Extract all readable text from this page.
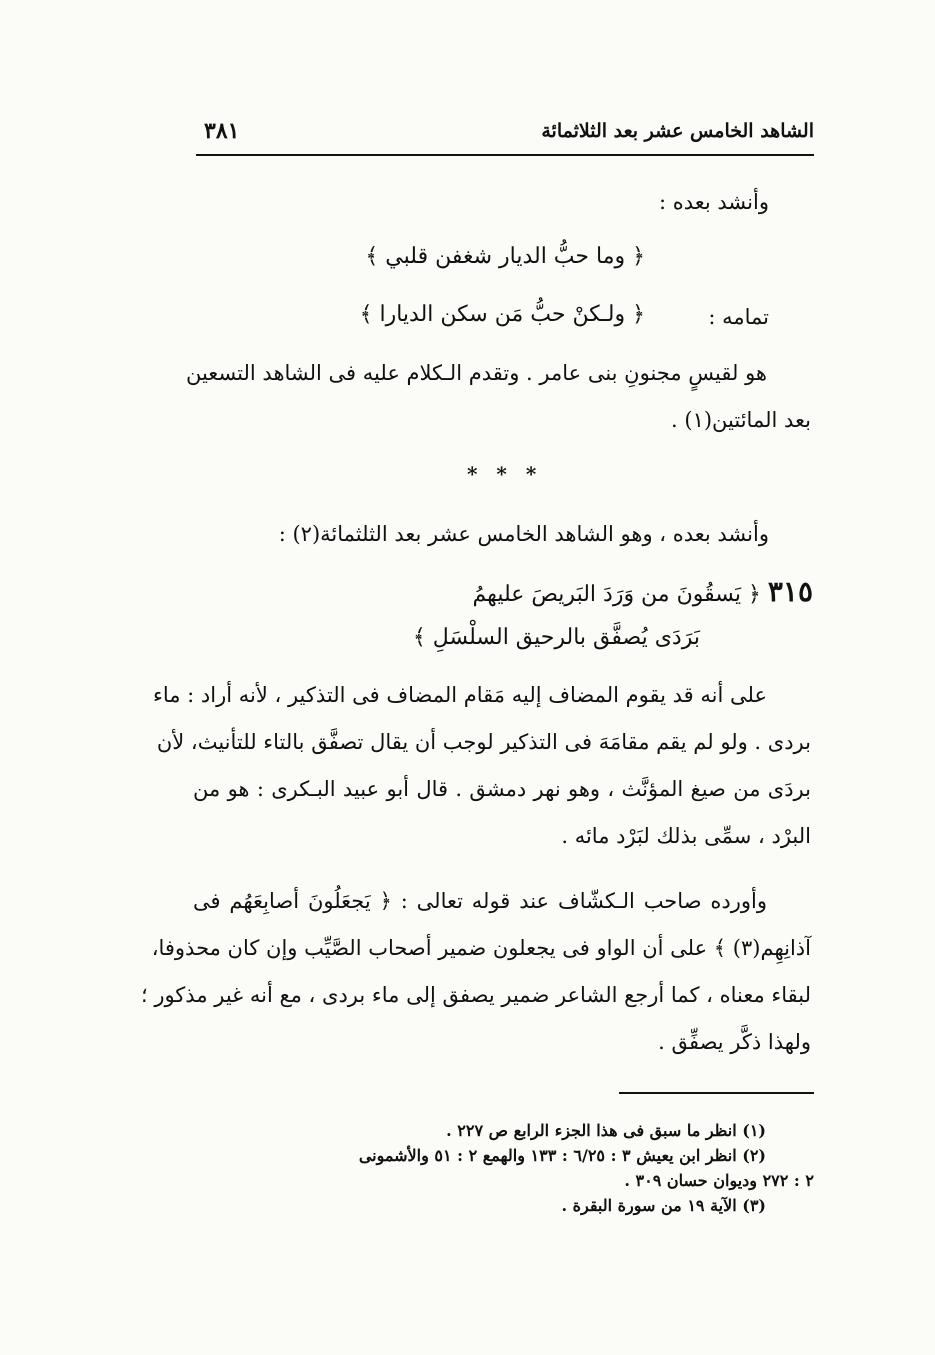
الشاهد الخامس عشر بعد الثلاثمائة
٣٨١
وأنشد بعده :
﴿ وما حبُّ الديار شغفن قلبي ﴾
تمامه :
﴿ ولـكنْ حبُّ مَن سكن الديارا ﴾
هو لقيسٍ مجنونِ بنى عامر . وتقدم الـكلام عليه فى الشاهد التسعين
بعد المائتين(١) .
* * *
وأنشد بعده ، وهو الشاهد الخامس عشر بعد الثلثمائة(٢) :
٣١٥ ﴿ يَسقُونَ من وَرَدَ البَريصَ عليهمُ
بَرَدَى يُصفَّق بالرحيق السلْسَلِ ﴾
على أنه قد يقوم المضاف إليه مَقام المضاف فى التذكير ، لأنه أراد : ماء
بردى . ولو لم يقم مقامَهَ فى التذكير لوجب أن يقال تصفَّق بالتاء للتأنيث، لأن
بردَى من صيغ المؤنَّث ، وهو نهر دمشق . قال أبو عبيد البـكرى : هو من
البرْد ، سمِّى بذلك لبَرْد مائه .
وأورده صاحب الـكشّاف عند قوله تعالى : ﴿ يَجعَلُونَ أصابِعَهُم فى
آذانِهِم(٣) ﴾ على أن الواو فى يجعلون ضمير أصحاب الصَّيِّب وإن كان محذوفا،
لبقاء معناه ، كما أرجع الشاعر ضمير يصفق إلى ماء بردى ، مع أنه غير مذكور ؛
ولهذا ذكَّر يصفِّق .
(١) انظر ما سبق فى هذا الجزء الرابع ص ٢٢٧ .
(٢) انظر ابن يعيش ٣ : ٦/٢٥ : ١٣٣ والهمع ٢ : ٥١ والأشمونى
٢ : ٢٧٢ وديوان حسان ٣٠٩ .
(٣) الآية ١٩ من سورة البقرة .
